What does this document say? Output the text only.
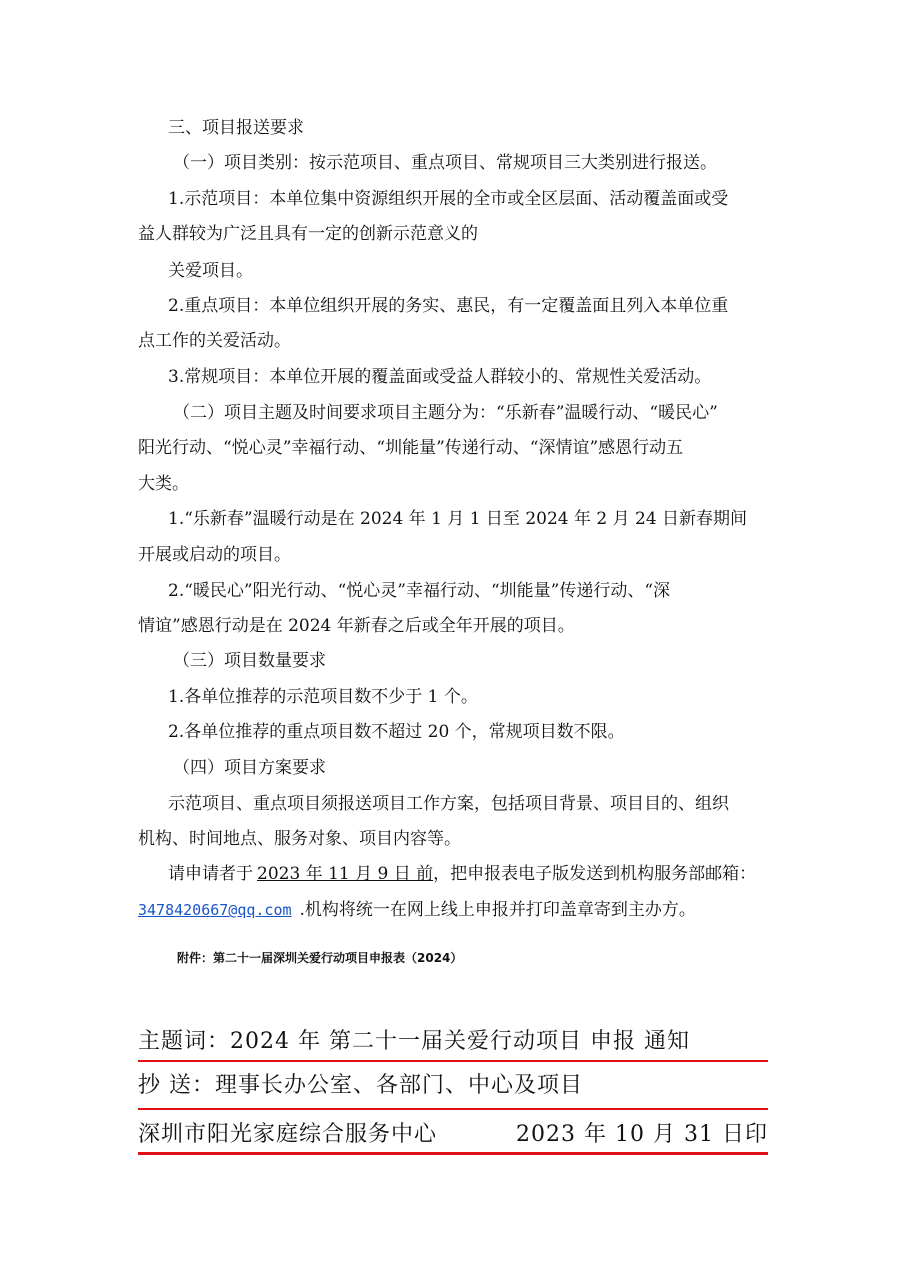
三、项目报送要求
（一）项目类别：按示范项目、重点项目、常规项目三大类别进行报送。
1.示范项目：本单位集中资源组织开展的全市或全区层面、活动覆盖面或受
益人群较为广泛且具有一定的创新示范意义的
关爱项目。
2.重点项目：本单位组织开展的务实、惠民，有一定覆盖面且列入本单位重
点工作的关爱活动。
3.常规项目：本单位开展的覆盖面或受益人群较小的、常规性关爱活动。
（二）项目主题及时间要求项目主题分为：“乐新春”温暖行动、“暖民心”
阳光行动、“悦心灵”幸福行动、“圳能量”传递行动、“深情谊”感恩行动五
大类。
1.“乐新春”温暖行动是在 2024 年 1 月 1 日至 2024 年 2 月 24 日新春期间
开展或启动的项目。
2.“暖民心”阳光行动、“悦心灵”幸福行动、“圳能量”传递行动、“深
情谊”感恩行动是在 2024 年新春之后或全年开展的项目。
（三）项目数量要求
1.各单位推荐的示范项目数不少于 1 个。
2.各单位推荐的重点项目数不超过 20 个，常规项目数不限。
（四）项目方案要求
示范项目、重点项目须报送项目工作方案，包括项目背景、项目目的、组织
机构、时间地点、服务对象、项目内容等。
请申请者于 2023 年 11 月 9 日 前，把申报表电子版发送到机构服务部邮箱：
3478420667@qq.com .机构将统一在网上线上申报并打印盖章寄到主办方。
附件：第二十一届深圳关爱行动项目申报表（2024）
主题词：2024 年 第二十一届关爱行动项目 申报 通知
抄 送：理事长办公室、各部门、中心及项目
深圳市阳光家庭综合服务中心	2023 年 10 月 31 日印
